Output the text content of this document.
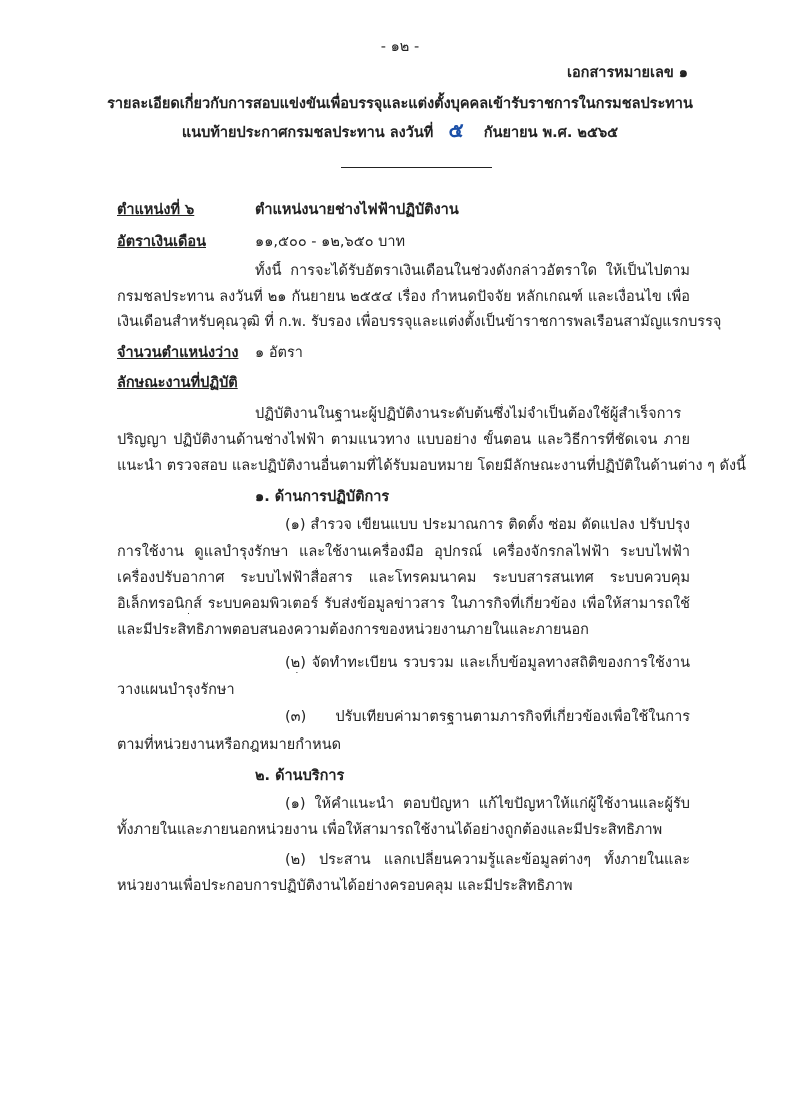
- ๑๒ -
เอกสารหมายเลข ๑
รายละเอียดเกี่ยวกับการสอบแข่งขันเพื่อบรรจุและแต่งตั้งบุคคลเข้ารับราชการในกรมชลประทาน
แนบท้ายประกาศกรมชลประทาน ลงวันที่ ๕ กันยายน พ.ศ. ๒๕๖๕
ตำแหน่งที่ ๖	ตำแหน่งนายช่างไฟฟ้าปฏิบัติงาน
อัตราเงินเดือน	๑๑,๕๐๐ - ๑๒,๖๕๐ บาท
ทั้งนี้ การจะได้รับอัตราเงินเดือนในช่วงดังกล่าวอัตราใด ให้เป็นไปตาม
กรมชลประทาน ลงวันที่ ๒๑ กันยายน ๒๕๕๔ เรื่อง กำหนดปัจจัย หลักเกณฑ์ และเงื่อนไข เพื่อ
เงินเดือนสำหรับคุณวุฒิ ที่ ก.พ. รับรอง เพื่อบรรจุและแต่งตั้งเป็นข้าราชการพลเรือนสามัญแรกบรรจุ
จำนวนตำแหน่งว่าง ๑ อัตรา
ลักษณะงานที่ปฏิบัติ
ปฏิบัติงานในฐานะผู้ปฏิบัติงานระดับต้นซึ่งไม่จำเป็นต้องใช้ผู้สำเร็จการ
ปริญญา ปฏิบัติงานด้านช่างไฟฟ้า ตามแนวทาง แบบอย่าง ขั้นตอน และวิธีการที่ชัดเจน ภาย
แนะนำ ตรวจสอบ และปฏิบัติงานอื่นตามที่ได้รับมอบหมาย โดยมีลักษณะงานที่ปฏิบัติในด้านต่าง ๆ ดังนี้
๑. ด้านการปฏิบัติการ
(๑) สำรวจ เขียนแบบ ประมาณการ ติดตั้ง ซ่อม ดัดแปลง ปรับปรุง
การใช้งาน ดูแลบำรุงรักษา และใช้งานเครื่องมือ อุปกรณ์ เครื่องจักรกลไฟฟ้า ระบบไฟฟ้า
เครื่องปรับอากาศ ระบบไฟฟ้าสื่อสาร และโทรคมนาคม ระบบสารสนเทศ ระบบควบคุม
อิเล็กทรอนิกส์ ระบบคอมพิวเตอร์ รับส่งข้อมูลข่าวสาร ในภารกิจที่เกี่ยวข้อง เพื่อให้สามารถใช้
และมีประสิทธิภาพตอบสนองความต้องการของหน่วยงานภายในและภายนอก
(๒) จัดทำทะเบียน รวบรวม และเก็บข้อมูลทางสถิติของการใช้งาน
วางแผนบำรุงรักษา
(๓) ปรับเทียบค่ามาตรฐานตามภารกิจที่เกี่ยวข้องเพื่อใช้ในการ
ตามที่หน่วยงานหรือกฎหมายกำหนด
๒. ด้านบริการ
(๑) ให้คำแนะนำ ตอบปัญหา แก้ไขปัญหาให้แก่ผู้ใช้งานและผู้รับ
ทั้งภายในและภายนอกหน่วยงาน เพื่อให้สามารถใช้งานได้อย่างถูกต้องและมีประสิทธิภาพ
(๒) ประสาน แลกเปลี่ยนความรู้และข้อมูลต่างๆ ทั้งภายในและ
หน่วยงานเพื่อประกอบการปฏิบัติงานได้อย่างครอบคลุม และมีประสิทธิภาพ
